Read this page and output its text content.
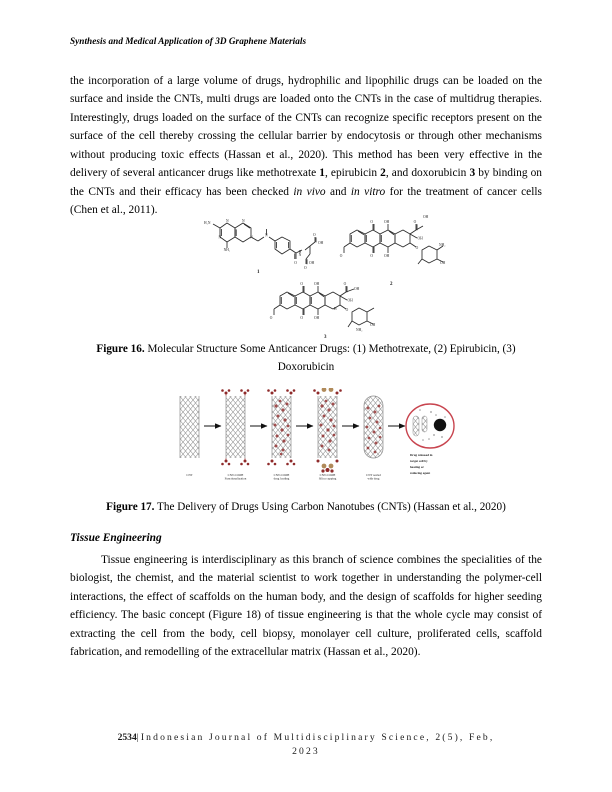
Synthesis and Medical Application of 3D Graphene Materials
the incorporation of a large volume of drugs, hydrophilic and lipophilic drugs can be loaded on the surface and inside the CNTs, multi drugs are loaded onto the CNTs in the case of multidrug therapies. Interestingly, drugs loaded on the surface of the CNTs can recognize specific receptors present on the surface of the cell thereby crossing the cellular barrier by endocytosis or through other mechanisms without producing toxic effects (Hassan et al., 2020). This method has been very effective in the delivery of several anticancer drugs like methotrexate 1, epirubicin 2, and doxorubicin 3 by binding on the CNTs and their efficacy has been checked in vivo and in vitro for the treatment of cancer cells (Chen et al., 2011).
H₂N	N
N
N
N
NH₂
N
H
N
O
O
OH
O
OH
1
O	OH
O	OH
O
O
OH
OH
O
NH₂
OH
2
O	OH
O	OH
O
O
OH
OH
O
H
NH₂
OH
3
Figure 16. Molecular Structure Some Anticancer Drugs: (1) Methotrexate, (2) Epirubicin, (3) Doxorubicin
CNT	CNT-COOH
Functionalization
CNT-COOH
drug loading
CNT-COOH
Silica capping
CNT sealed
with drug
Drug released in
target cell by
heating or
reducing agent
Figure 17. The Delivery of Drugs Using Carbon Nanotubes (CNTs) (Hassan et al., 2020)
Tissue Engineering
Tissue engineering is interdisciplinary as this branch of science combines the specialities of the biologist, the chemist, and the material scientist to work together in understanding the polymer-cell interactions, the effect of scaffolds on the human body, and the design of scaffolds for higher seeding efficiency. The basic concept (Figure 18) of tissue engineering is that the whole cycle may consist of extracting the cell from the body, cell biopsy, monolayer cell culture, proliferated cells, scaffold fabrication, and remodelling of the extracellular matrix (Hassan et al., 2020).
2534|Indonesian Journal of Multidisciplinary Science, 2(5), Feb,
2023
